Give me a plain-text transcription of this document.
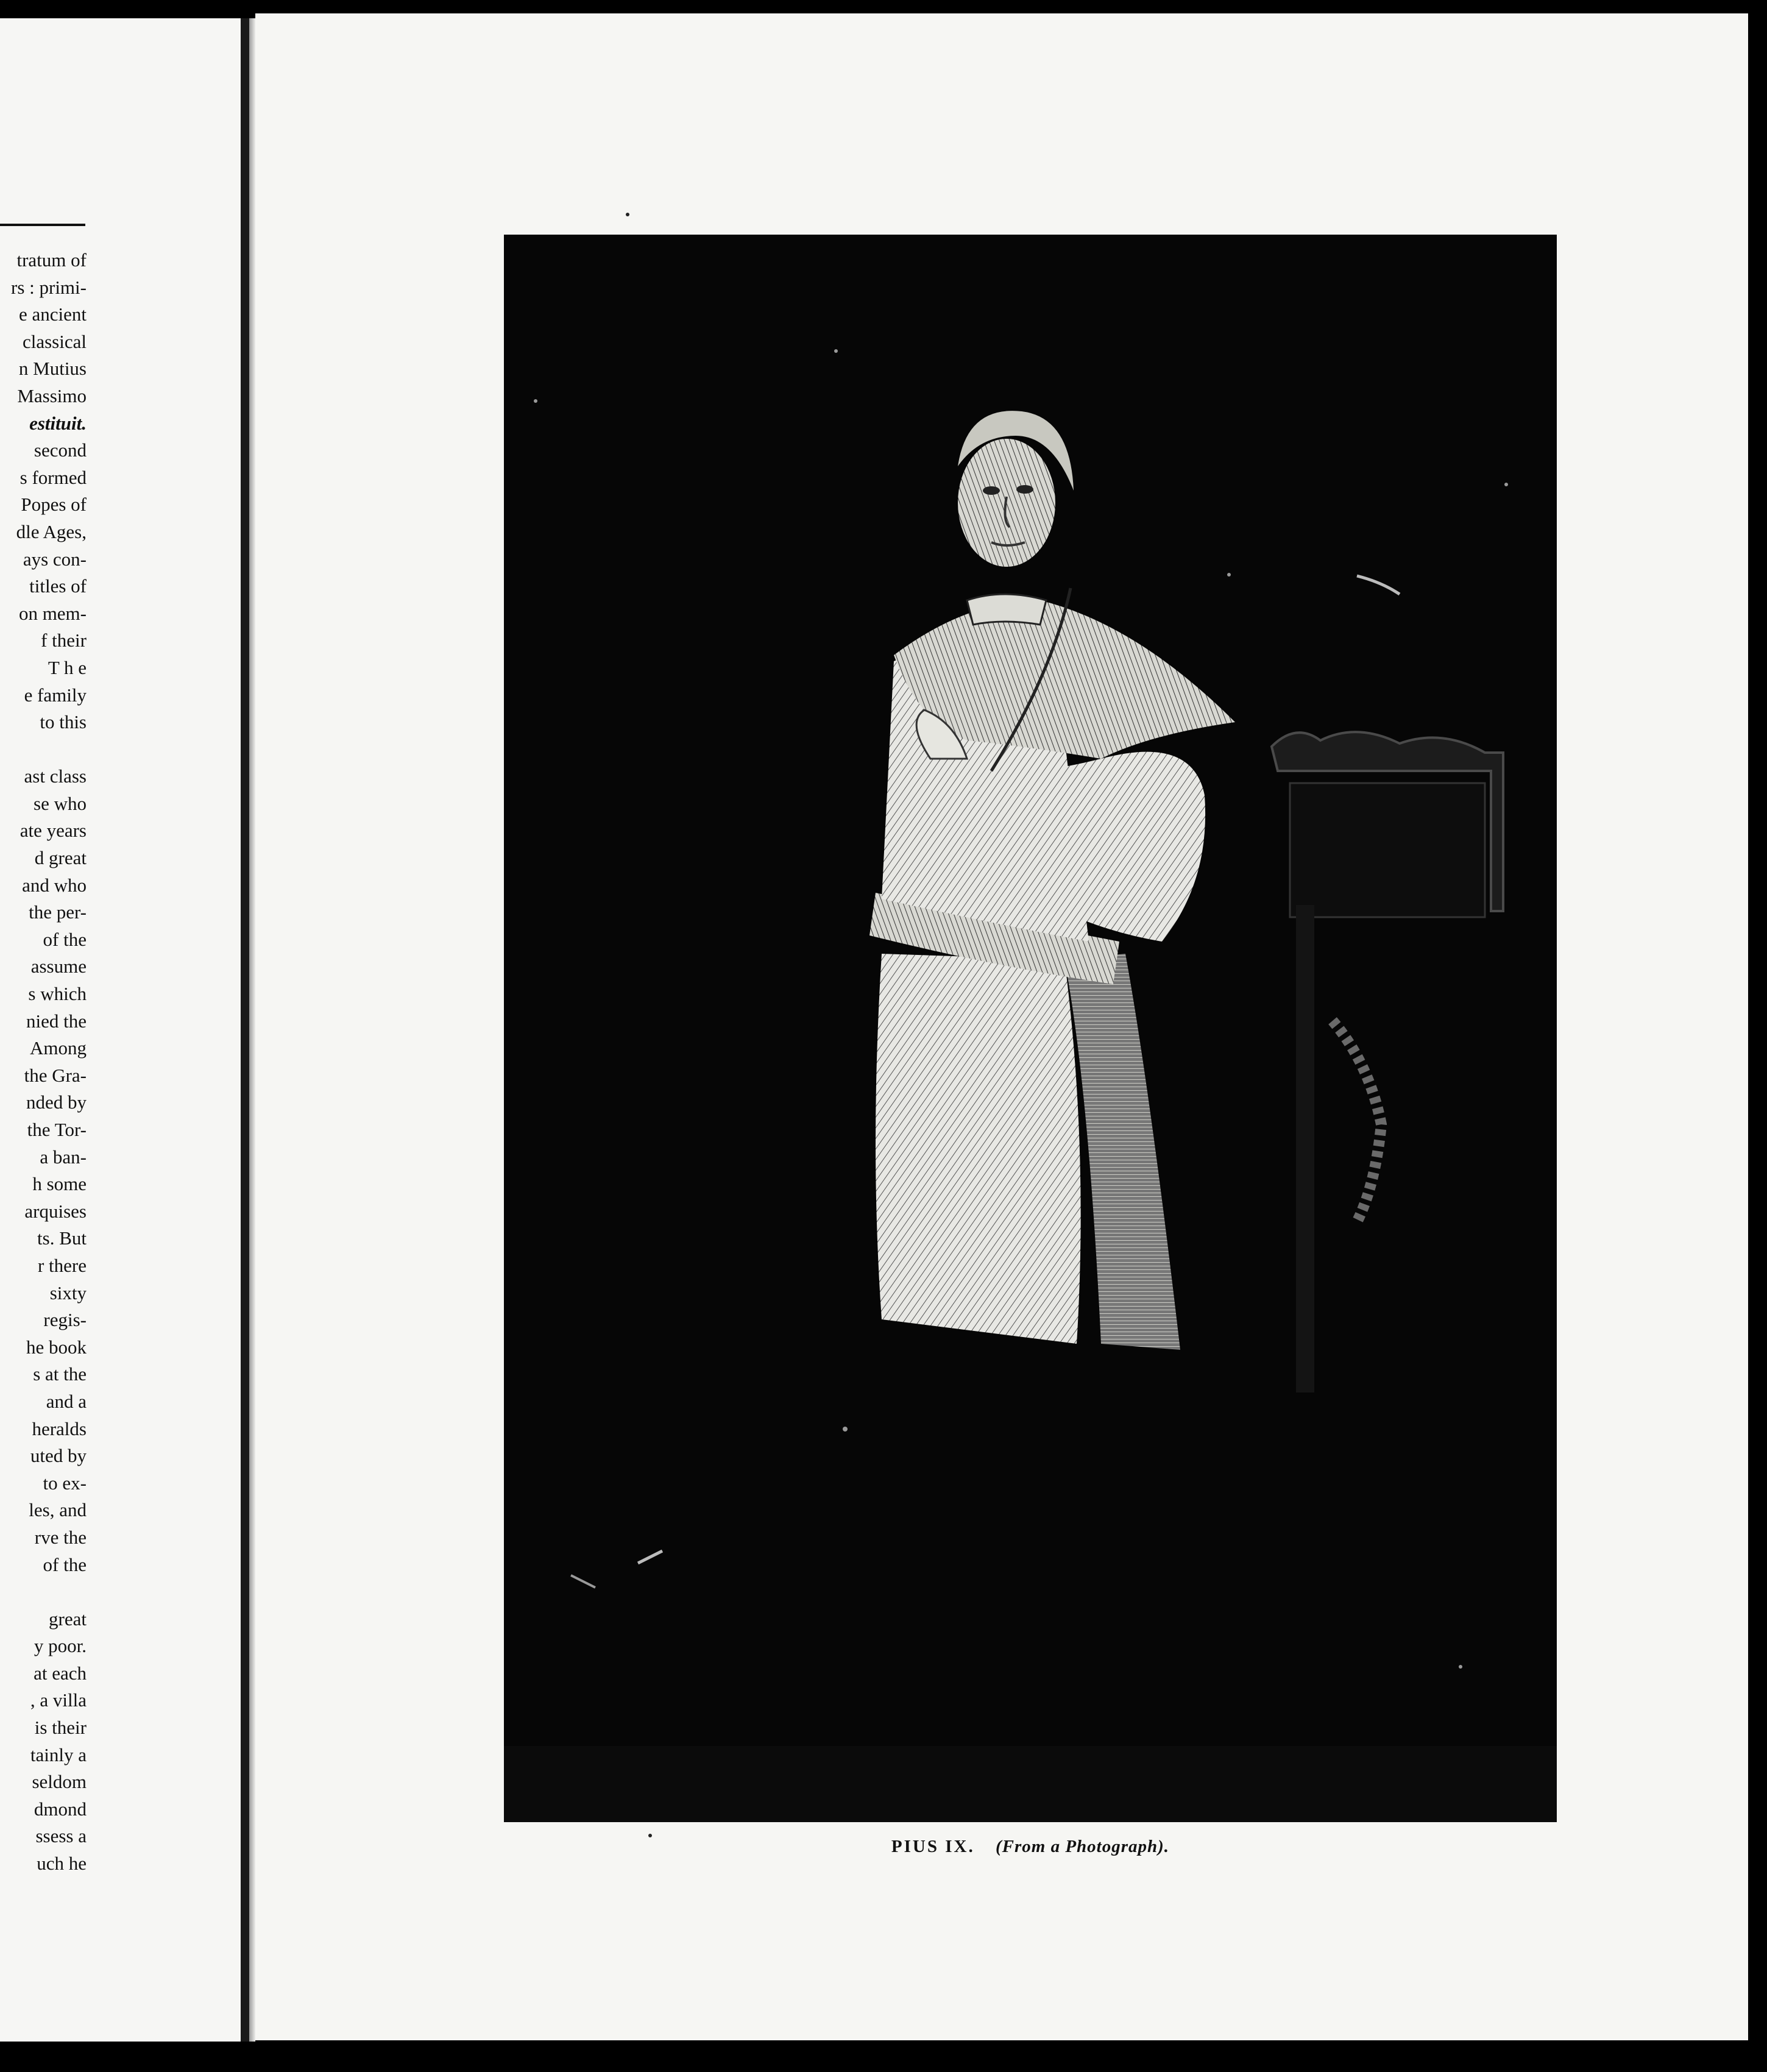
tratum of
rs : primi-
e ancient
classical
n Mutius
Massimo
estituit.
second
s formed
Popes of
dle Ages,
ays con-
titles of
on mem-
f their
T h e
e family
to this
ast class
se who
ate years
d great
and who
the per-
of the
assume
s which
nied the
Among
the Gra-
nded by
the Tor-
a ban-
h some
arquises
ts. But
r there
sixty
regis-
he book
s at the
and a
heralds
uted by
to ex-
les, and
rve the
of the
great
y poor.
at each
, a villa
is their
tainly a
seldom
dmond
ssess a
uch he
PIUS IX. (From a Photograph).
